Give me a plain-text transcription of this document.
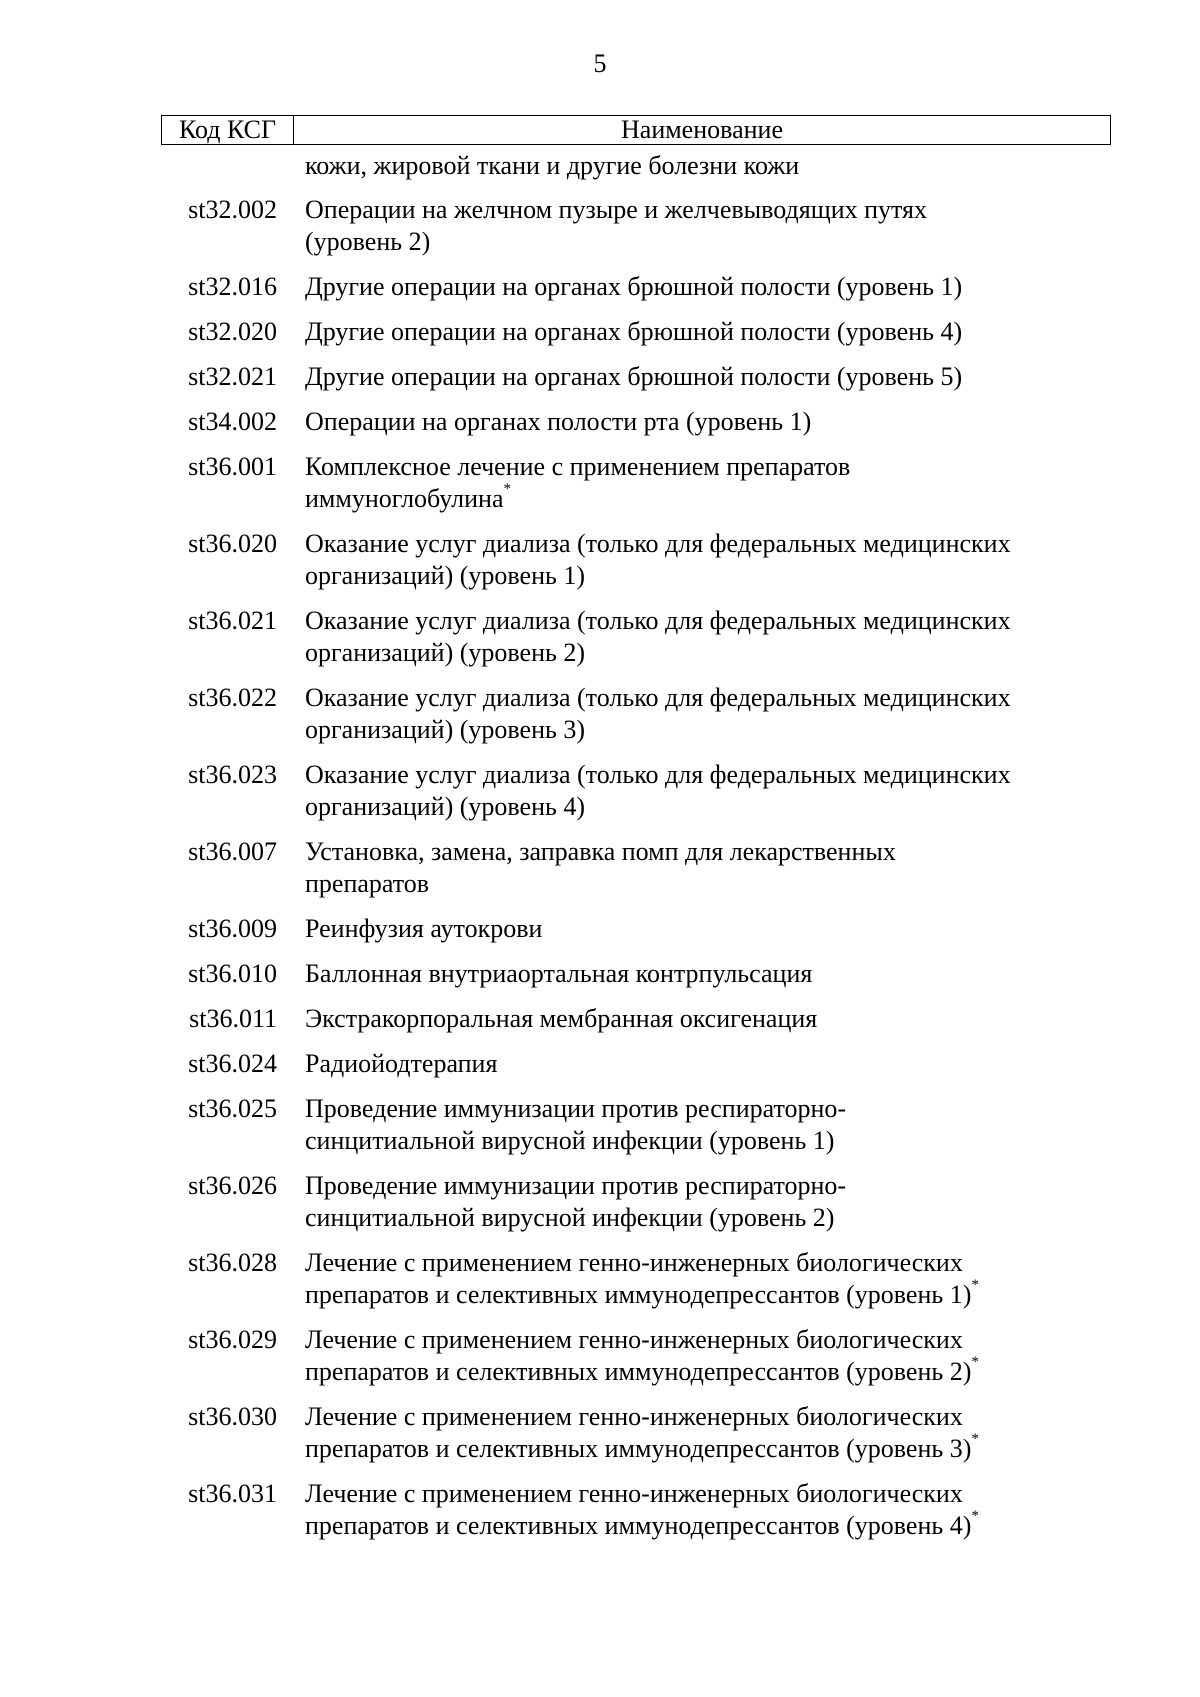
5
Код КСГ	Наименование
кожи, жировой ткани и другие болезни кожи
st32.002 Операции на желчном пузыре и желчевыводящих путях
(уровень 2)
st32.016 Другие операции на органах брюшной полости (уровень 1)
st32.020 Другие операции на органах брюшной полости (уровень 4)
st32.021 Другие операции на органах брюшной полости (уровень 5)
st34.002 Операции на органах полости рта (уровень 1)
st36.001 Комплексное лечение с применением препаратов
иммуноглобулина*
st36.020 Оказание услуг диализа (только для федеральных медицинских
организаций) (уровень 1)
st36.021 Оказание услуг диализа (только для федеральных медицинских
организаций) (уровень 2)
st36.022 Оказание услуг диализа (только для федеральных медицинских
организаций) (уровень 3)
st36.023 Оказание услуг диализа (только для федеральных медицинских
организаций) (уровень 4)
st36.007 Установка, замена, заправка помп для лекарственных
препаратов
st36.009 Реинфузия аутокрови
st36.010 Баллонная внутриаортальная контрпульсация
st36.011 Экстракорпоральная мембранная оксигенация
st36.024 Радиойодтерапия
st36.025 Проведение иммунизации против респираторно-
синцитиальной вирусной инфекции (уровень 1)
st36.026 Проведение иммунизации против респираторно-
синцитиальной вирусной инфекции (уровень 2)
st36.028 Лечение с применением генно-инженерных биологических
препаратов и селективных иммунодепрессантов (уровень 1)*
st36.029 Лечение с применением генно-инженерных биологических
препаратов и селективных иммунодепрессантов (уровень 2)*
st36.030 Лечение с применением генно-инженерных биологических
препаратов и селективных иммунодепрессантов (уровень 3)*
st36.031 Лечение с применением генно-инженерных биологических
препаратов и селективных иммунодепрессантов (уровень 4)*
